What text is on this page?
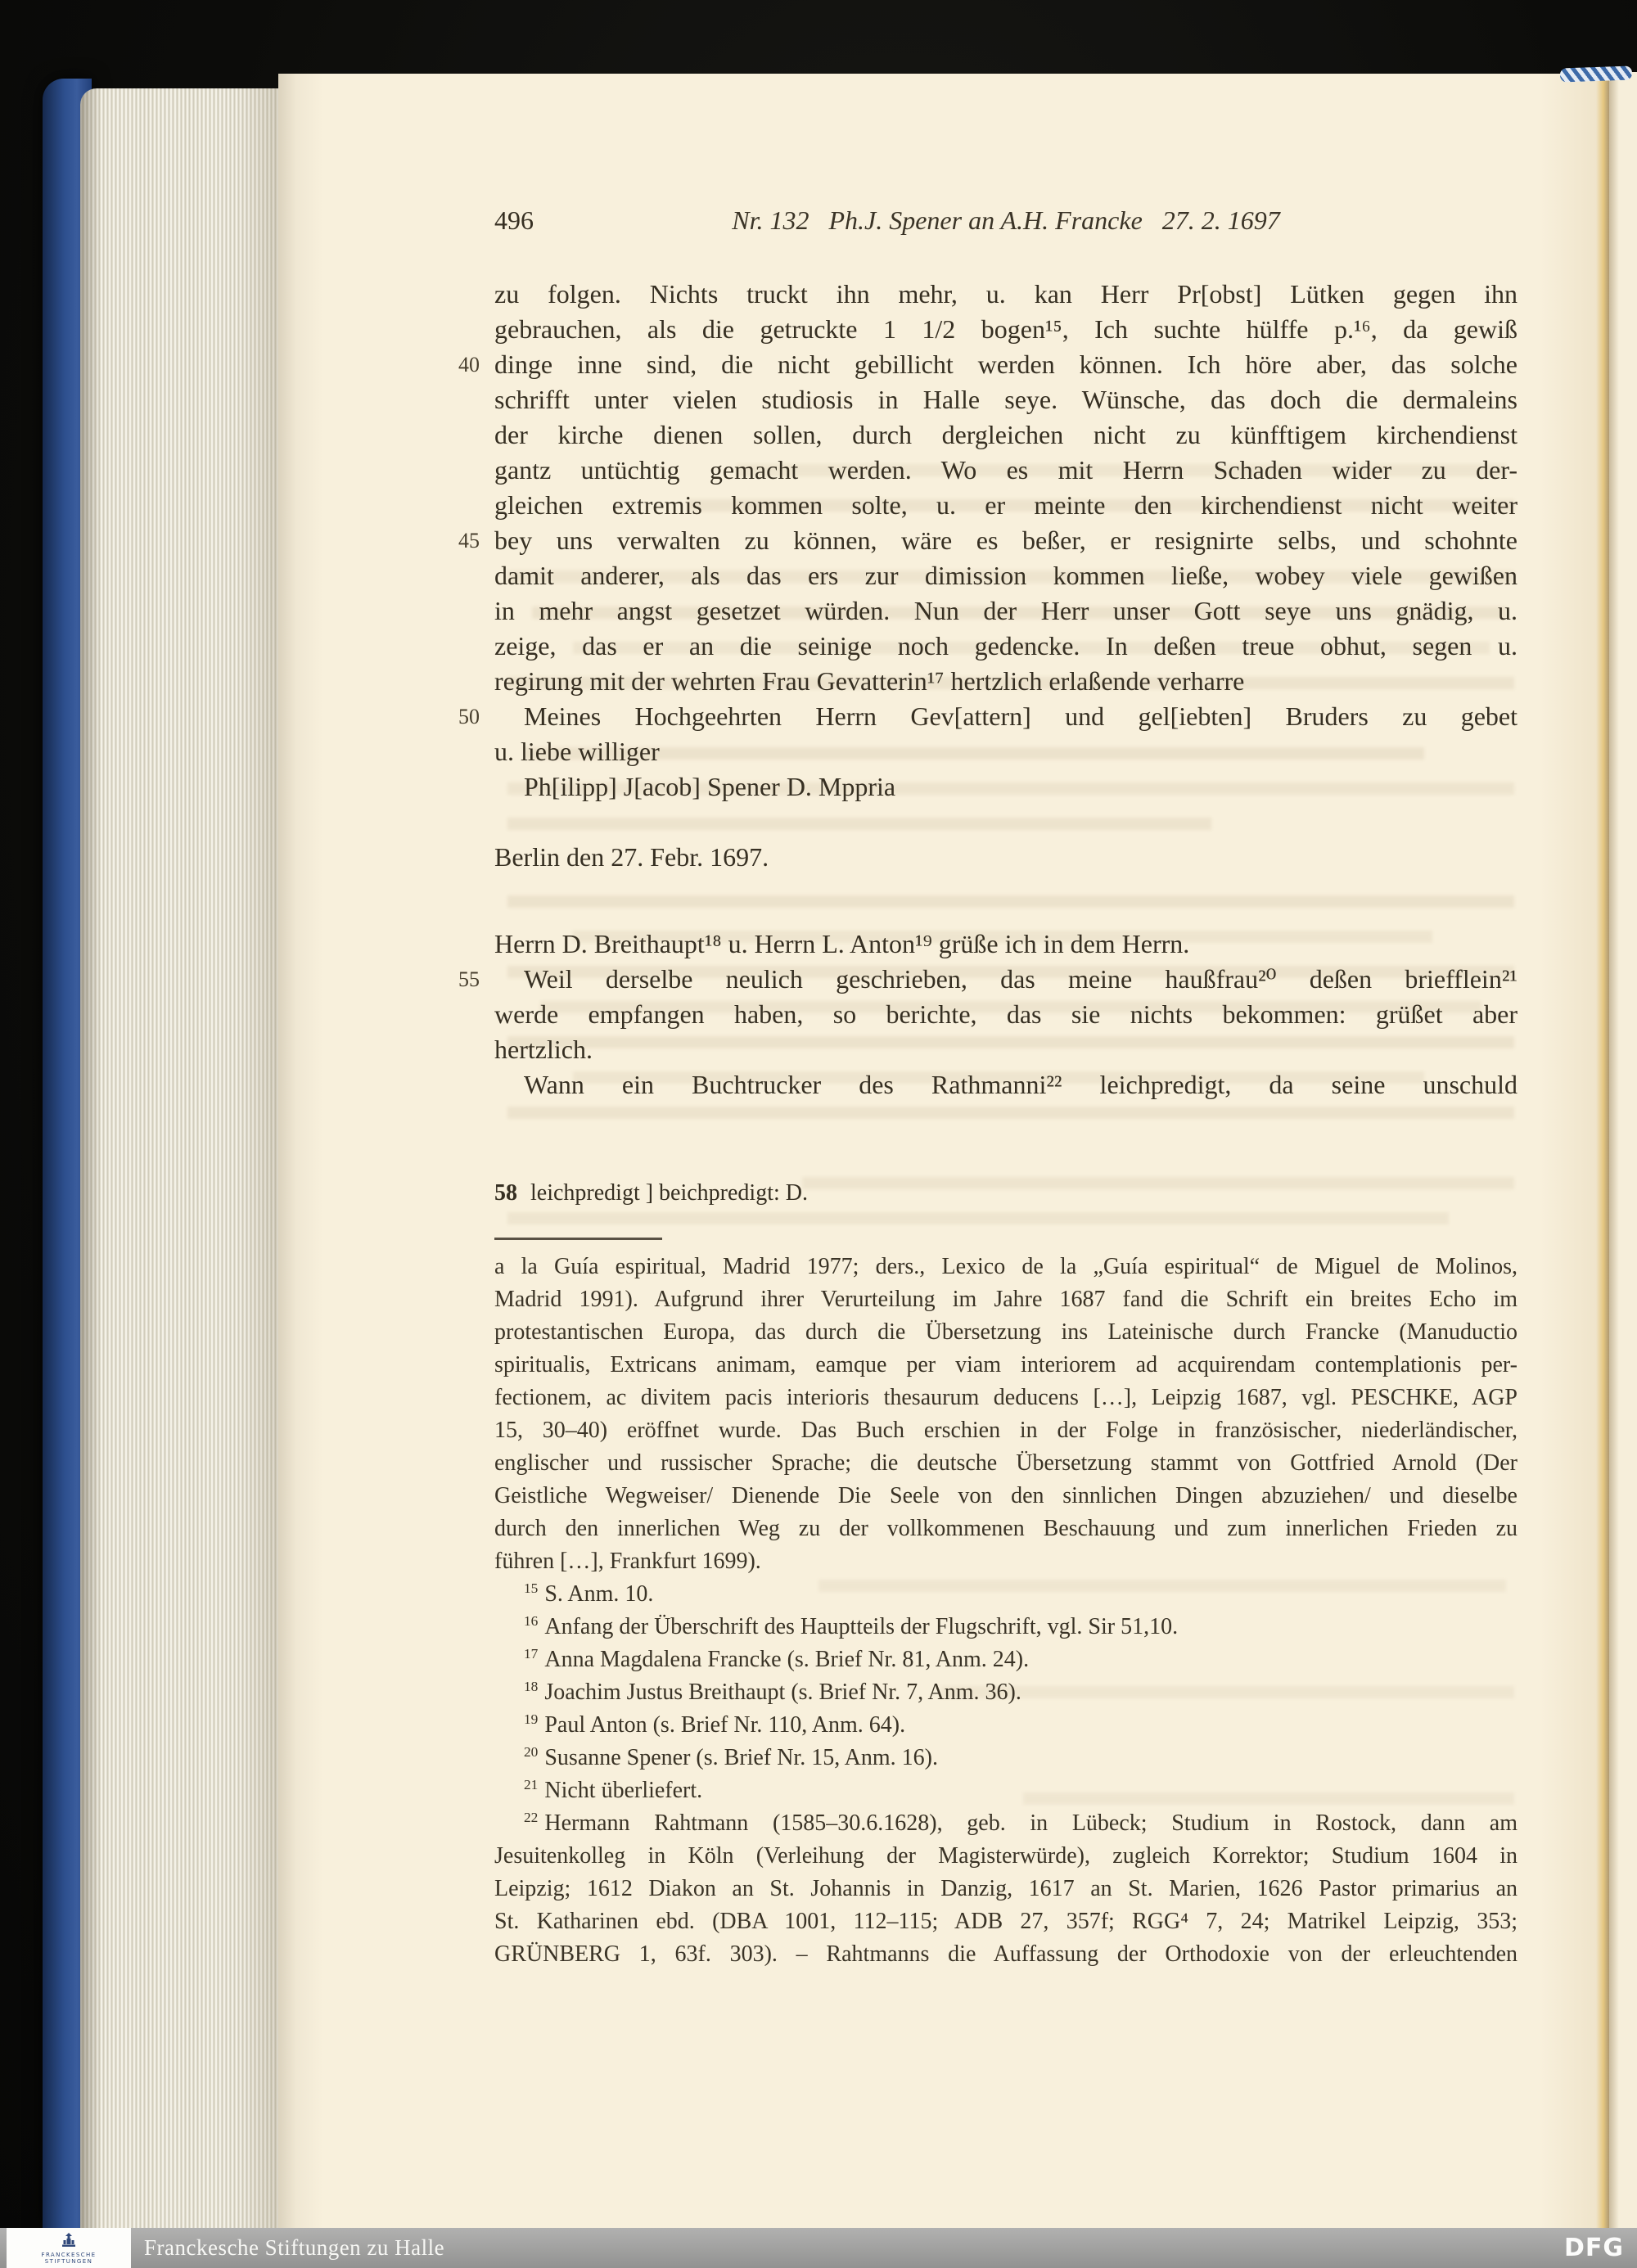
496	Nr. 132   Ph.J. Spener an A.H. Francke   27. 2. 1697
40
45
50
55
zu folgen. Nichts truckt ihn mehr, u. kan Herr Pr[obst] Lütken gegen ihn
gebrauchen, als die getruckte 1 1/2 bogen¹⁵, Ich suchte hülffe p.¹⁶, da gewiß
dinge inne sind, die nicht gebillicht werden können. Ich höre aber, das solche
schrifft unter vielen studiosis in Halle seye. Wünsche, das doch die dermaleins
der kirche dienen sollen, durch dergleichen nicht zu künfftigem kirchendienst
gantz untüchtig gemacht werden. Wo es mit Herrn Schaden wider zu der-
gleichen extremis kommen solte, u. er meinte den kirchendienst nicht weiter
bey uns verwalten zu können, wäre es beßer, er resignirte selbs, und schohnte
damit anderer, als das ers zur dimission kommen ließe, wobey viele gewißen
in mehr angst gesetzet würden. Nun der Herr unser Gott seye uns gnädig, u.
zeige, das er an die seinige noch gedencke. In deßen treue obhut, segen u.
regirung mit der wehrten Frau Gevatterin¹⁷ hertzlich erlaßende verharre
Meines Hochgeehrten Herrn Gev[attern] und gel[iebten] Bruders zu gebet
u. liebe williger
Ph[ilipp] J[acob] Spener D. Mppria
Berlin den 27. Febr. 1697.
Herrn D. Breithaupt¹⁸ u. Herrn L. Anton¹⁹ grüße ich in dem Herrn.
Weil derselbe neulich geschrieben, das meine haußfrau²⁰ deßen briefflein²¹
werde empfangen haben, so berichte, das sie nichts bekommen: grüßet aber
hertzlich.
Wann ein Buchtrucker des Rathmanni²² leichpredigt, da seine unschuld
58 leichpredigt ] beichpredigt: D.
a la Guía espiritual, Madrid 1977; ders., Lexico de la „Guía espiritual“ de Miguel de Molinos,
Madrid 1991). Aufgrund ihrer Verurteilung im Jahre 1687 fand die Schrift ein breites Echo im
protestantischen Europa, das durch die Übersetzung ins Lateinische durch Francke (Manuductio
spiritualis, Extricans animam, eamque per viam interiorem ad acquirendam contemplationis per-
fectionem, ac divitem pacis interioris thesaurum deducens […], Leipzig 1687, vgl. PESCHKE, AGP
15, 30–40) eröffnet wurde. Das Buch erschien in der Folge in französischer, niederländischer,
englischer und russischer Sprache; die deutsche Übersetzung stammt von Gottfried Arnold (Der
Geistliche Wegweiser/ Dienende Die Seele von den sinnlichen Dingen abzuziehen/ und dieselbe
durch den innerlichen Weg zu der vollkommenen Beschauung und zum innerlichen Frieden zu
führen […], Frankfurt 1699).
$^{15}$ S. Anm. 10.
$^{16}$ Anfang der Überschrift des Hauptteils der Flugschrift, vgl. Sir 51,10.
$^{17}$ Anna Magdalena Francke (s. Brief Nr. 81, Anm. 24).
$^{18}$ Joachim Justus Breithaupt (s. Brief Nr. 7, Anm. 36).
$^{19}$ Paul Anton (s. Brief Nr. 110, Anm. 64).
$^{20}$ Susanne Spener (s. Brief Nr. 15, Anm. 16).
$^{21}$ Nicht überliefert.
$^{22}$ Hermann Rahtmann (1585–30.6.1628), geb. in Lübeck; Studium in Rostock, dann am
Jesuitenkolleg in Köln (Verleihung der Magisterwürde), zugleich Korrektor; Studium 1604 in
Leipzig; 1612 Diakon an St. Johannis in Danzig, 1617 an St. Marien, 1626 Pastor primarius an
St. Katharinen ebd. (DBA 1001, 112–115; ADB 27, 357f; RGG⁴ 7, 24; Matrikel Leipzig, 353;
GRÜNBERG 1, 63f. 303). – Rahtmanns die Auffassung der Orthodoxie von der erleuchtenden
FRANCKESCHE
STIFTUNGEN
Franckesche Stiftungen zu Halle	DFG
